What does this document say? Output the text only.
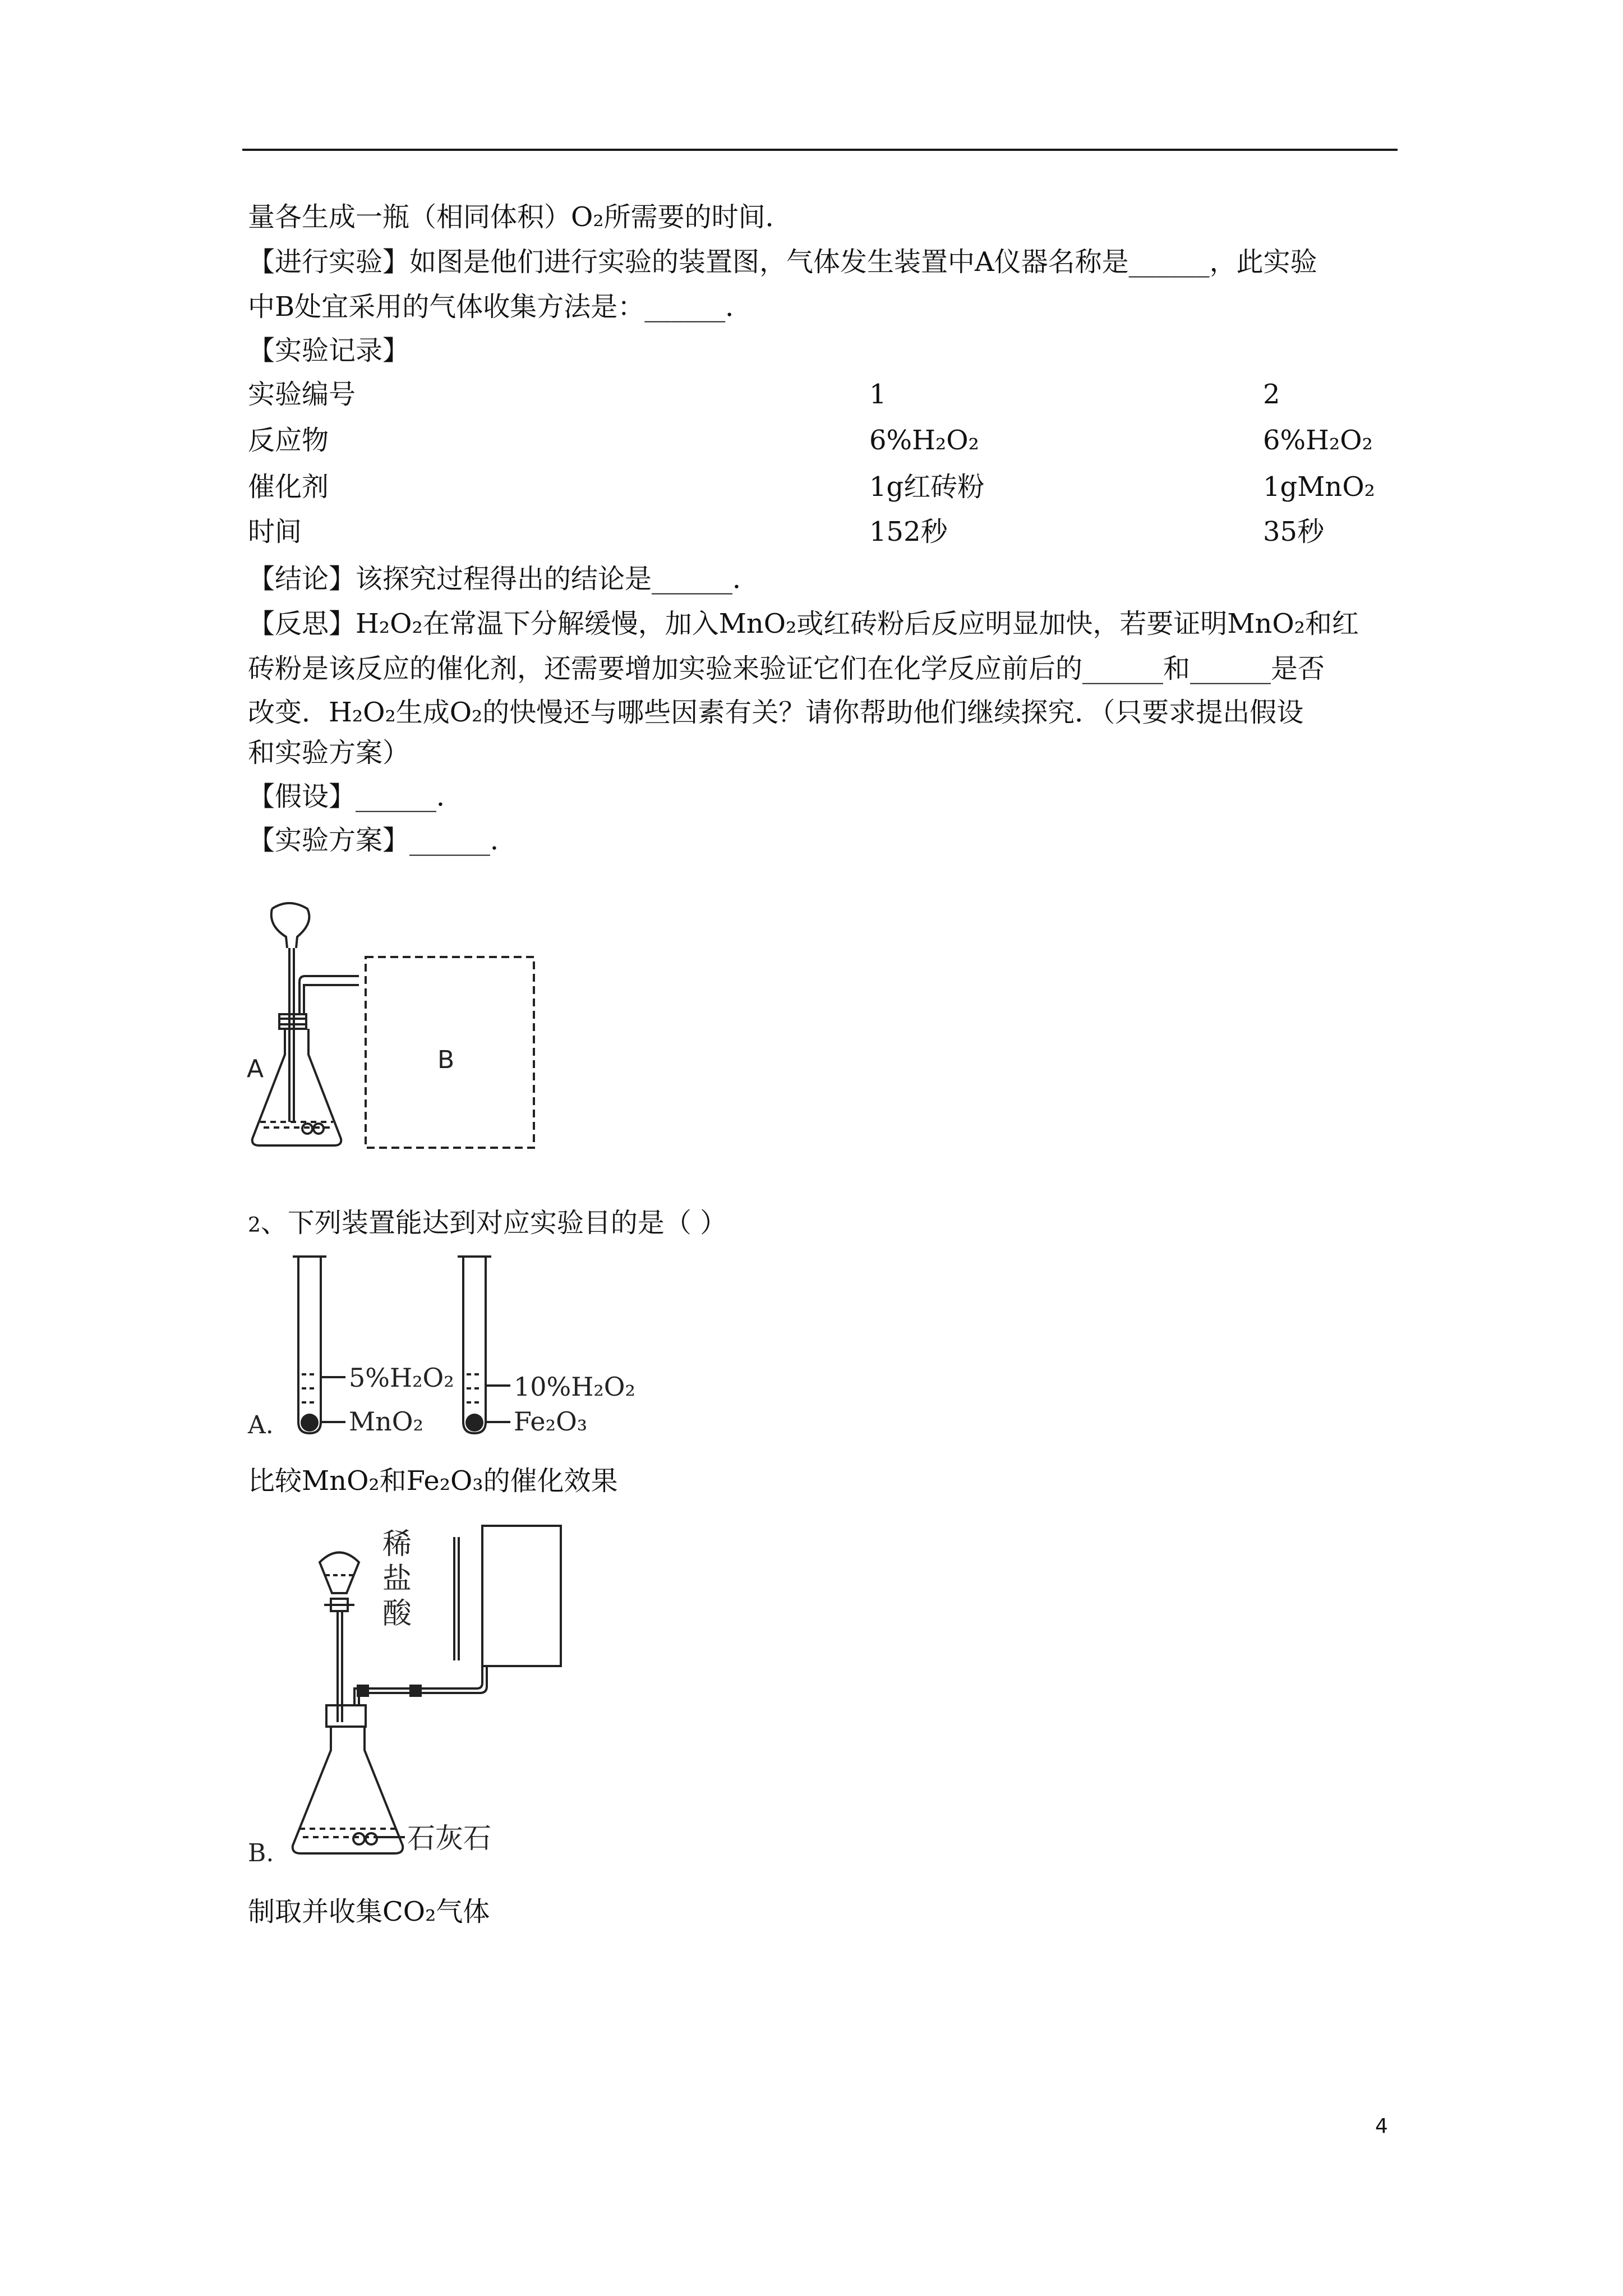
量各生成一瓶（相同体积）O₂所需要的时间．
【进行实验】如图是他们进行实验的装置图，气体发生装置中A仪器名称是______，此实验
中B处宜采用的气体收集方法是：______．
【实验记录】
实验编号	1	2
反应物	6%H₂O₂	6%H₂O₂
催化剂	1g红砖粉	1gMnO₂
时间	152秒	35秒
【结论】该探究过程得出的结论是______．
【反思】H₂O₂在常温下分解缓慢，加入MnO₂或红砖粉后反应明显加快，若要证明MnO₂和红
砖粉是该反应的催化剂，还需要增加实验来验证它们在化学反应前后的______和______是否
改变．H₂O₂生成O₂的快慢还与哪些因素有关？请你帮助他们继续探究．（只要求提出假设
和实验方案）
【假设】______．
【实验方案】______．
A	B
2、下列装置能达到对应实验目的是（ ）
5%H₂O₂
MnO₂
10%H₂O₂
Fe₂O₃
A.
比较MnO₂和Fe₂O₃的催化效果
稀 盐 酸
石灰石
B.
制取并收集CO₂气体
4
